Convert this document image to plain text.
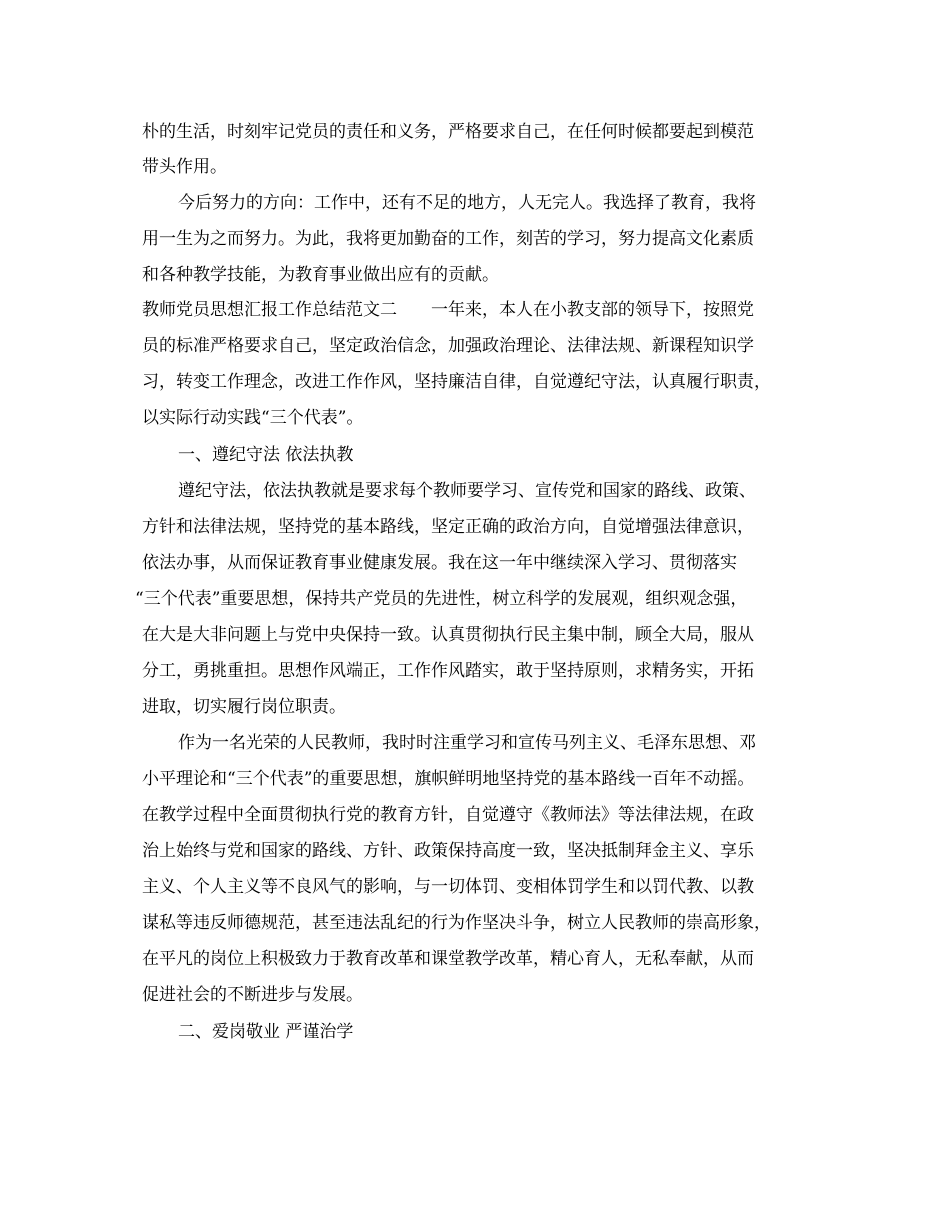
朴的生活，时刻牢记党员的责任和义务，严格要求自己，在任何时候都要起到模范
带头作用。
今后努力的方向：工作中，还有不足的地方，人无完人。我选择了教育，我将
用一生为之而努力。为此，我将更加勤奋的工作，刻苦的学习，努力提高文化素质
和各种教学技能，为教育事业做出应有的贡献。
教师党员思想汇报工作总结范文二　　一年来，本人在小教支部的领导下，按照党
员的标准严格要求自己，坚定政治信念，加强政治理论、法律法规、新课程知识学
习，转变工作理念，改进工作作风，坚持廉洁自律，自觉遵纪守法，认真履行职责，
以实际行动实践“三个代表”。
一、遵纪守法 依法执教
遵纪守法，依法执教就是要求每个教师要学习、宣传党和国家的路线、政策、
方针和法律法规，坚持党的基本路线，坚定正确的政治方向，自觉增强法律意识，
依法办事，从而保证教育事业健康发展。我在这一年中继续深入学习、贯彻落实
“三个代表”重要思想，保持共产党员的先进性，树立科学的发展观，组织观念强，
在大是大非问题上与党中央保持一致。认真贯彻执行民主集中制，顾全大局，服从
分工，勇挑重担。思想作风端正，工作作风踏实，敢于坚持原则，求精务实，开拓
进取，切实履行岗位职责。
作为一名光荣的人民教师，我时时注重学习和宣传马列主义、毛泽东思想、邓
小平理论和“三个代表”的重要思想，旗帜鲜明地坚持党的基本路线一百年不动摇。
在教学过程中全面贯彻执行党的教育方针，自觉遵守《教师法》等法律法规，在政
治上始终与党和国家的路线、方针、政策保持高度一致，坚决抵制拜金主义、享乐
主义、个人主义等不良风气的影响，与一切体罚、变相体罚学生和以罚代教、以教
谋私等违反师德规范，甚至违法乱纪的行为作坚决斗争，树立人民教师的崇高形象，
在平凡的岗位上积极致力于教育改革和课堂教学改革，精心育人，无私奉献，从而
促进社会的不断进步与发展。
二、爱岗敬业 严谨治学
